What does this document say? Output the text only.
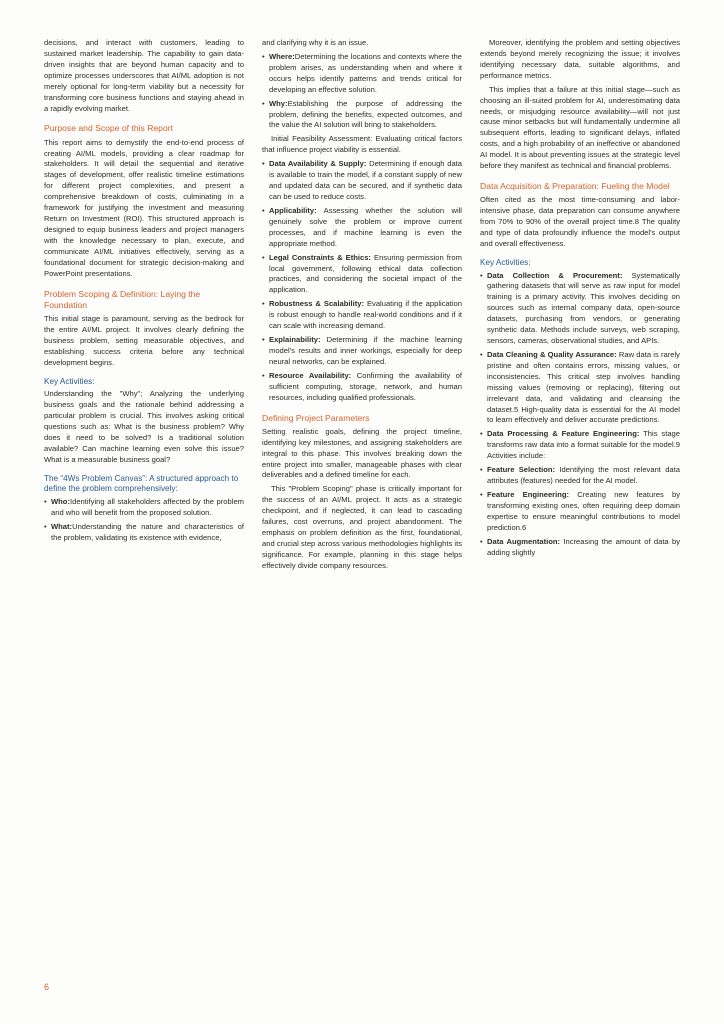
decisions, and interact with customers, leading to sustained market leadership. The capability to gain data-driven insights that are beyond human capacity and to optimize processes underscores that AI/ML adoption is not merely optional for long-term viability but a necessity for transforming core business functions and staying ahead in a rapidly evolving market.

Purpose and Scope of this Report

This report aims to demystify the end-to-end process of creating AI/ML models, providing a clear roadmap for stakeholders. It will detail the sequential and iterative stages of development, offer realistic timeline estimations for different project complexities, and present a comprehensive breakdown of costs, culminating in a framework for justifying the investment and measuring Return on Investment (ROI). This structured approach is designed to equip business leaders and project managers with the knowledge necessary to plan, execute, and communicate AI/ML initiatives effectively, serving as a foundational document for strategic decision-making and PowerPoint presentations.

Problem Scoping & Definition: Laying the Foundation

This initial stage is paramount, serving as the bedrock for the entire AI/ML project. It involves clearly defining the business problem, setting measurable objectives, and establishing success criteria before any technical development begins.

Key Activities:

Understanding the "Why"; Analyzing the underlying business goals and the rationale behind addressing a particular problem is crucial. This involves asking critical questions such as: What is the business problem? Why does it need to be solved? Is a traditional solution available? Can machine learning even solve this issue? What is a measurable business goal?

The “4Ws Problem Canvas”: A structured approach to define the problem comprehensively:

• Who:Identifying all stakeholders affected by the problem and who will benefit from the proposed solution.

• What:Understanding the nature and characteristics of the problem, validating its existence with evidence,

and clarifying why it is an issue.

• Where:Determining the locations and contexts where the problem arises, as understanding when and where it occurs helps identify patterns and trends critical for developing an effective solution.

• Why:Establishing the purpose of addressing the problem, defining the benefits, expected outcomes, and the value the AI solution will bring to stakeholders.

Initial Feasibility Assessment: Evaluating critical factors that influence project viability is essential.

• Data Availability & Supply: Determining if enough data is available to train the model, if a constant supply of new and updated data can be secured, and if synthetic data can be used to reduce costs.

• Applicability: Assessing whether the solution will genuinely solve the problem or improve current processes, and if machine learning is even the appropriate method.

• Legal Constraints & Ethics: Ensuring permission from local government, following ethical data collection practices, and considering the societal impact of the application.

• Robustness & Scalability: Evaluating if the application is robust enough to handle real-world conditions and if it can scale with increasing demand.

• Explainability: Determining if the machine learning model's results and inner workings, especially for deep neural networks, can be explained.

• Resource Availability: Confirming the availability of sufficient computing, storage, network, and human resources, including qualified professionals.

Defining Project Parameters

Setting realistic goals, defining the project timeline, identifying key milestones, and assigning stakeholders are integral to this phase. This involves breaking down the entire project into smaller, manageable phases with clear deliverables and a defined timeline for each.

This "Problem Scoping" phase is critically important for the success of an AI/ML project. It acts as a strategic checkpoint, and if neglected, it can lead to cascading failures, cost overruns, and project abandonment. The emphasis on problem definition as the first, foundational, and crucial step across various methodologies highlights its significance. For example, planning in this stage helps effectively divide company resources.

Moreover, identifying the problem and setting objectives extends beyond merely recognizing the issue; it involves identifying necessary data, suitable algorithms, and performance metrics.

This implies that a failure at this initial stage—such as choosing an ill-suited problem for AI, underestimating data needs, or misjudging resource availability—will not just cause minor setbacks but will fundamentally undermine all subsequent efforts, leading to significant delays, inflated costs, and a high probability of an ineffective or abandoned AI model. It is about preventing issues at the strategic level before they manifest as technical and financial problems.

Data Acquisition & Preparation: Fueling the Model

Often cited as the most time-consuming and labor-intensive phase, data preparation can consume anywhere from 70% to 90% of the overall project time.8 The quality and type of data profoundly influence the model's output and overall effectiveness.

Key Activities:

• Data Collection & Procurement: Systematically gathering datasets that will serve as raw input for model training is a primary activity. This involves deciding on sources such as internal company data, open-source datasets, purchasing from vendors, or generating synthetic data. Methods include surveys, web scraping, sensors, cameras, observational studies, and APIs.

• Data Cleaning & Quality Assurance: Raw data is rarely pristine and often contains errors, missing values, or inconsistencies. This critical step involves handling missing values (removing or replacing), filtering out irrelevant data, and validating and cleansing the dataset.5 High-quality data is essential for the AI model to learn effectively and deliver accurate predictions.

• Data Processing & Feature Engineering: This stage transforms raw data into a format suitable for the model.9 Activities include:

• Feature Selection: Identifying the most relevant data attributes (features) needed for the AI model.

• Feature Engineering: Creating new features by transforming existing ones, often requiring deep domain expertise to ensure meaningful contributions to model prediction.6

• Data Augmentation: Increasing the amount of data by adding slightly

6
